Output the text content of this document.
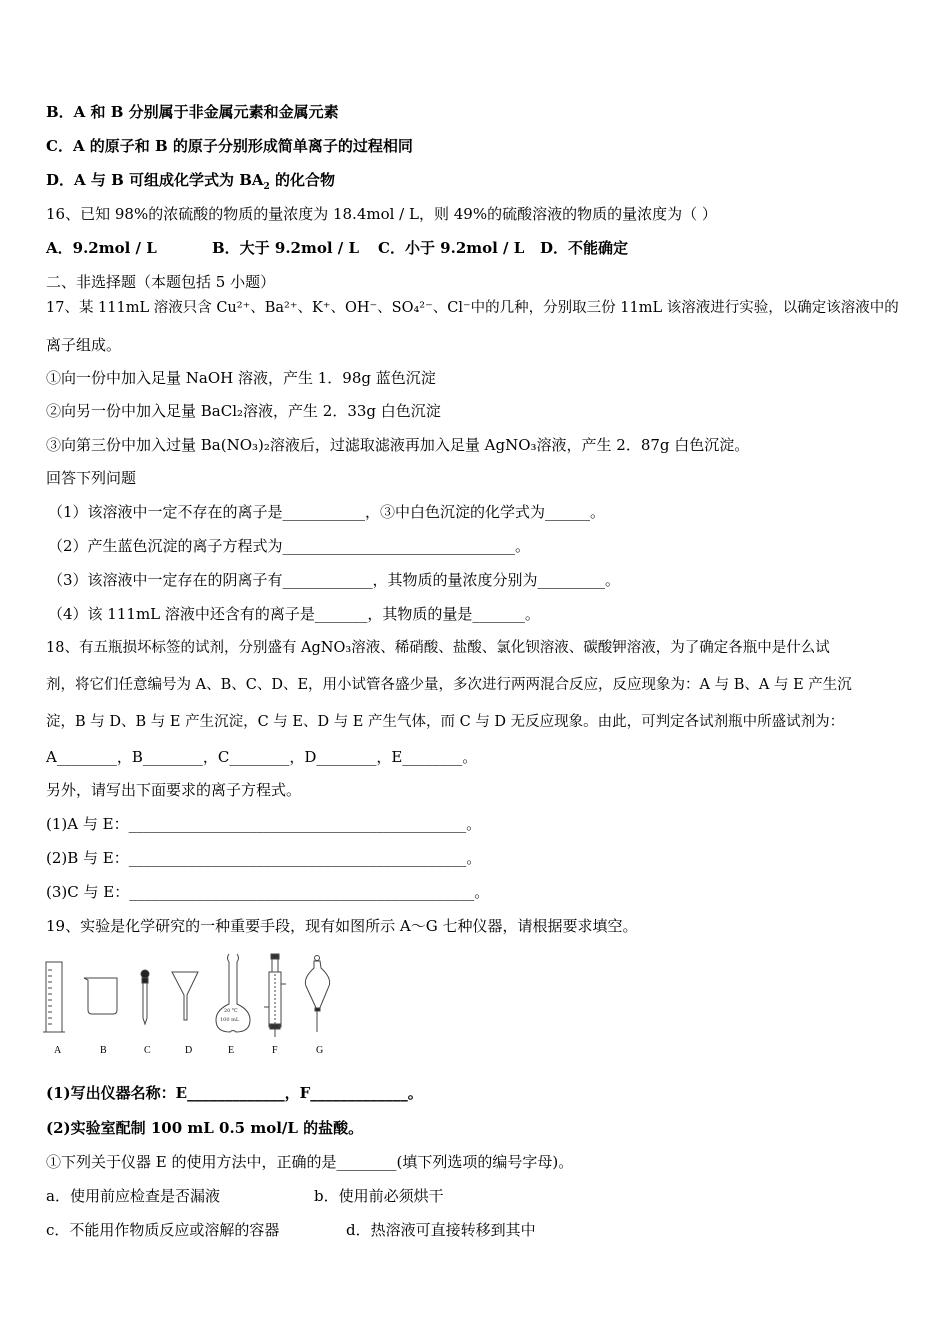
B．A 和 B 分别属于非金属元素和金属元素
C．A 的原子和 B 的原子分别形成简单离子的过程相同
D．A 与 B 可组成化学式为 $BA_2$ 的化合物
16、已知 98%的浓硫酸的物质的量浓度为 18.4mol / L，则 49%的硫酸溶液的物质的量浓度为（ ）
A．9.2mol / L	B．大于 9.2mol / L C．小于 9.2mol / L D．不能确定
二、非选择题（本题包括 5 小题）
17、某 111mL 溶液只含 Cu²⁺、Ba²⁺、K⁺、OH⁻、SO₄²⁻、Cl⁻中的几种，分别取三份 11mL 该溶液进行实验，以确定该溶液中的
离子组成。
①向一份中加入足量 NaOH 溶液，产生 1．98g 蓝色沉淀
②向另一份中加入足量 BaCl₂溶液，产生 2．33g 白色沉淀
③向第三份中加入过量 Ba(NO₃)₂溶液后，过滤取滤液再加入足量 AgNO₃溶液，产生 2．87g 白色沉淀。
回答下列问题
（1）该溶液中一定不存在的离子是___________，③中白色沉淀的化学式为______。
（2）产生蓝色沉淀的离子方程式为_______________________________。
（3）该溶液中一定存在的阴离子有____________，其物质的量浓度分别为_________。
（4）该 111mL 溶液中还含有的离子是_______，其物质的量是_______。
18、有五瓶损坏标签的试剂，分别盛有 AgNO₃溶液、稀硝酸、盐酸、氯化钡溶液、碳酸钾溶液，为了确定各瓶中是什么试
剂，将它们任意编号为 A、B、C、D、E，用小试管各盛少量，多次进行两两混合反应，反应现象为：A 与 B、A 与 E 产生沉
淀，B 与 D、B 与 E 产生沉淀，C 与 E、D 与 E 产生气体，而 C 与 D 无反应现象。由此，可判定各试剂瓶中所盛试剂为：
A________，B________，C________，D________，E________。
另外，请写出下面要求的离子方程式。
(1)A 与 E：_____________________________________________。
(2)B 与 E：_____________________________________________。
(3)C 与 E：______________________________________________。
19、实验是化学研究的一种重要手段，现有如图所示 A～G 七种仪器，请根据要求填空。
20 ℃
100 mL
A	B	C	D	E	F	G
(1)写出仪器名称：E_____________，F_____________。
(2)实验室配制 100 mL 0.5 mol/L 的盐酸。
①下列关于仪器 E 的使用方法中，正确的是________(填下列选项的编号字母)。
a．使用前应检查是否漏液	b．使用前必须烘干
c．不能用作物质反应或溶解的容器	d．热溶液可直接转移到其中
